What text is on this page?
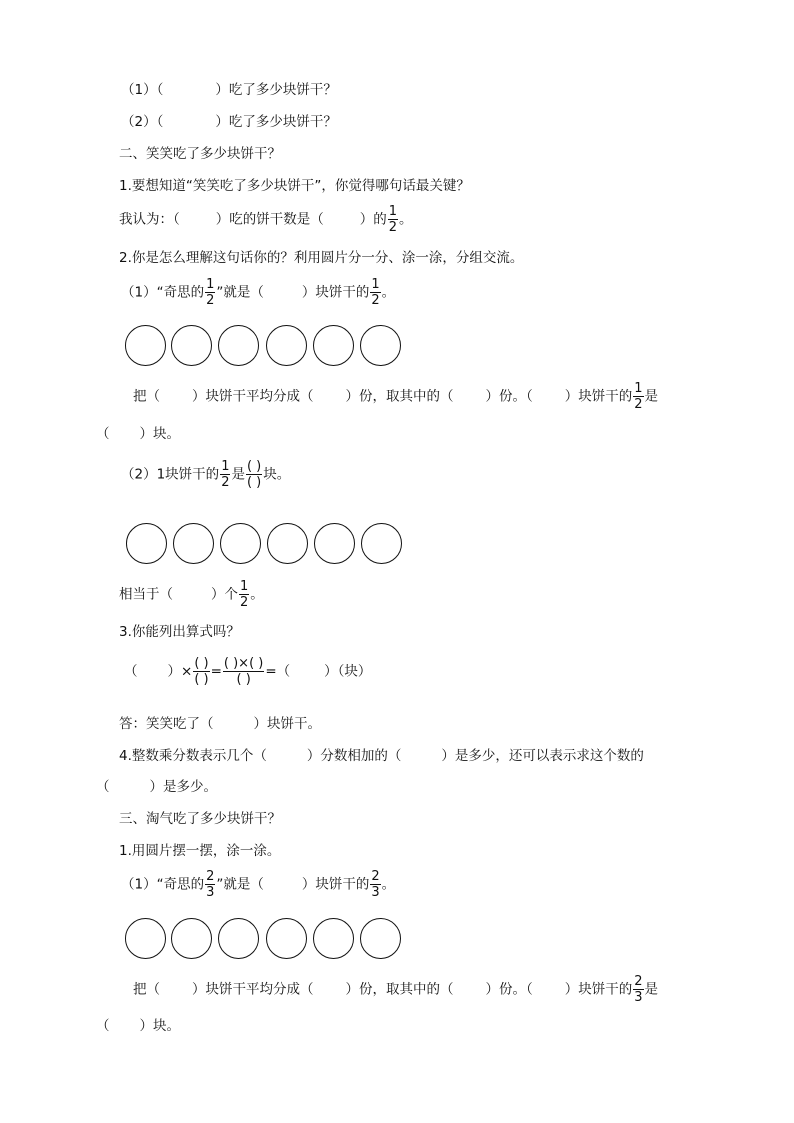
（1）（	）吃了多少块饼干？
（2）（	）吃了多少块饼干？
二、笑笑吃了多少块饼干？
1.要想知道“笑笑吃了多少块饼干”，你觉得哪句话最关键？
我认为：（	）吃的饼干数是（	）的 $\frac{1}{2}$ 。
2.你是怎么理解这句话你的？利用圆片分一分、涂一涂，分组交流。
（1）“奇思的 $\frac{1}{2}$ ”就是（	）块饼干的 $\frac{1}{2}$ 。
把（ ）块饼干平均分成（ ）份，取其中的（ ）份。（ ）块饼干的 $\frac{1}{2}$ 是
（ ）块。
（2）1块饼干的 $\frac{1}{2}$ 是 $\frac{( )}{( )}$ 块。
相当于（	）个 $\frac{1}{2}$ 。
3.你能列出算式吗？
（ ）× $\frac{( )}{( )} = \frac{( )\times( )}{( )}$ =（	）（块）
答：笑笑吃了（	）块饼干。
4.整数乘分数表示几个（	）分数相加的（	）是多少，还可以表示求这个数的
（	）是多少。
三、淘气吃了多少块饼干？
1.用圆片摆一摆，涂一涂。
（1）“奇思的 $\frac{2}{3}$ ”就是（	）块饼干的 $\frac{2}{3}$ 。
把（ ）块饼干平均分成（ ）份，取其中的（ ）份。（ ）块饼干的 $\frac{2}{3}$ 是
（ ）块。
